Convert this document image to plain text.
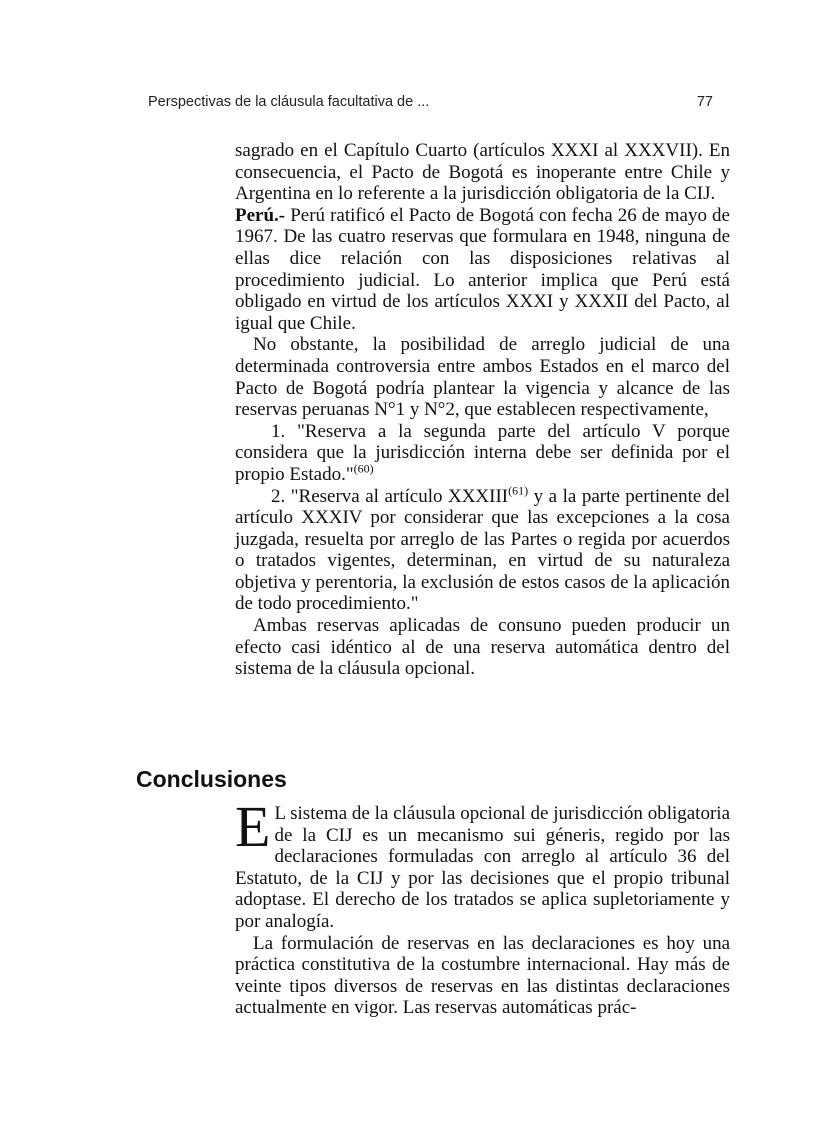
Perspectivas de la cláusula facultativa de ...	77

sagrado en el Capítulo Cuarto (artículos XXXI al XXXVII). En consecuencia, el Pacto de Bogotá es inoperante entre Chile y Argentina en lo referente a la jurisdicción obligatoria de la CIJ.

Perú.- Perú ratificó el Pacto de Bogotá con fecha 26 de mayo de 1967. De las cuatro reservas que formulara en 1948, ninguna de ellas dice relación con las disposiciones relativas al procedimiento judicial. Lo anterior implica que Perú está obligado en virtud de los artículos XXXI y XXXII del Pacto, al igual que Chile.

No obstante, la posibilidad de arreglo judicial de una determinada controversia entre ambos Estados en el marco del Pacto de Bogotá podría plantear la vigencia y alcance de las reservas peruanas N°1 y N°2, que establecen respectivamente,

1. "Reserva a la segunda parte del artículo V porque considera que la jurisdicción interna debe ser definida por el propio Estado."$^{(60)}$

2. "Reserva al artículo XXXIII$^{(61)}$ y a la parte pertinente del artículo XXXIV por considerar que las excepciones a la cosa juzgada, resuelta por arreglo de las Partes o regida por acuerdos o tratados vigentes, determinan, en virtud de su naturaleza objetiva y perentoria, la exclusión de estos casos de la aplicación de todo procedimiento."

Ambas reservas aplicadas de consuno pueden producir un efecto casi idéntico al de una reserva automática dentro del sistema de la cláusula opcional.

Conclusiones

E L sistema de la cláusula opcional de jurisdicción obligatoria de la CIJ es un mecanismo sui géneris, regido por las declaraciones formuladas con arreglo al artículo 36 del Estatuto, de la CIJ y por las decisiones que el propio tribunal adoptase. El derecho de los tratados se aplica supletoriamente y por analogía.

La formulación de reservas en las declaraciones es hoy una práctica constitutiva de la costumbre internacional. Hay más de veinte tipos diversos de reservas en las distintas declaraciones actualmente en vigor. Las reservas automáticas prác-
